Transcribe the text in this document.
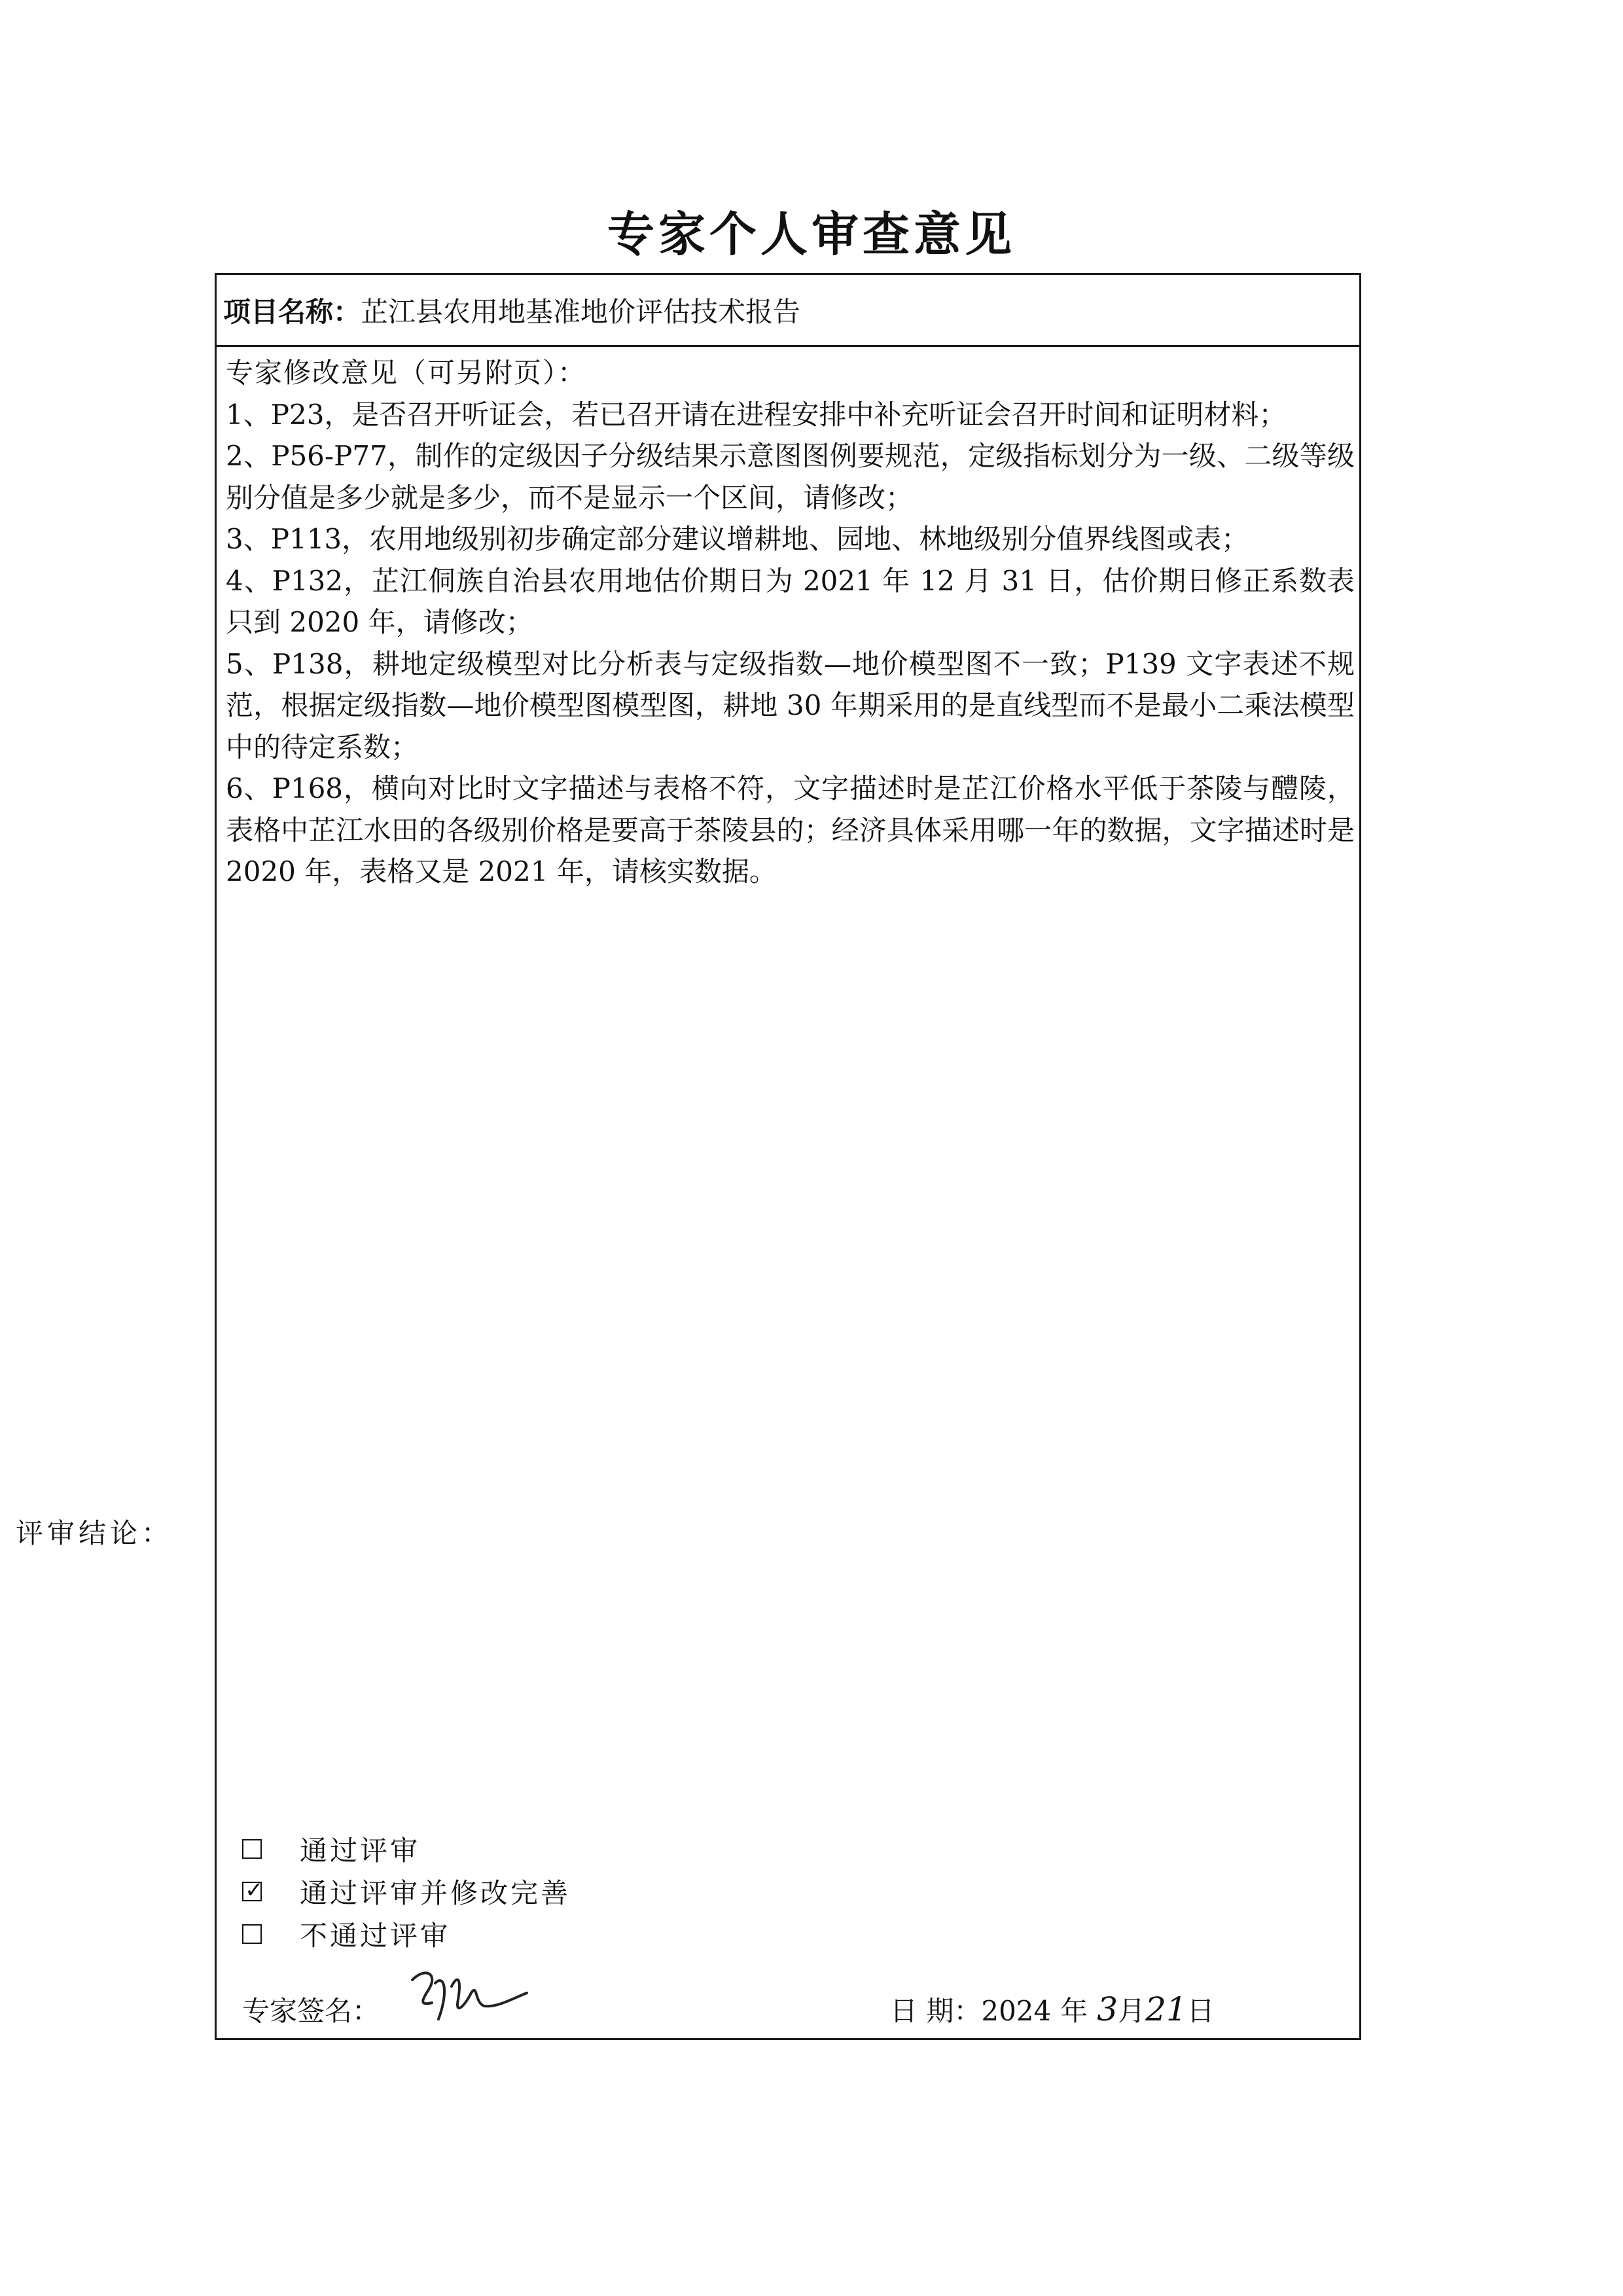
专家个人审查意见
项目名称： 芷江县农用地基准地价评估技术报告

专家修改意见（可另附页）：

1、P23，是否召开听证会，若已召开请在进程安排中补充听证会召开时间和证明材料；

2、P56-P77，制作的定级因子分级结果示意图图例要规范，定级指标划分为一级、二级等级别分值是多少就是多少，而不是显示一个区间，请修改；

3、P113，农用地级别初步确定部分建议增耕地、园地、林地级别分值界线图或表；

4、P132，芷江侗族自治县农用地估价期日为 2021 年 12 月 31 日，估价期日修正系数表只到 2020 年，请修改；

5、P138，耕地定级模型对比分析表与定级指数—地价模型图不一致；P139 文字表述不规范，根据定级指数—地价模型图模型图，耕地 30 年期采用的是直线型而不是最小二乘法模型中的待定系数；

6、P168，横向对比时文字描述与表格不符，文字描述时是芷江价格水平低于茶陵与醴陵，表格中芷江水田的各级别价格是要高于茶陵县的；经济具体采用哪一年的数据，文字描述时是 2020 年，表格又是 2021 年，请核实数据。

评审结论：
通过评审
✓ 通过评审并修改完善
不通过评审
专家签名：	日 期： 2024 年 3 月 21 日
